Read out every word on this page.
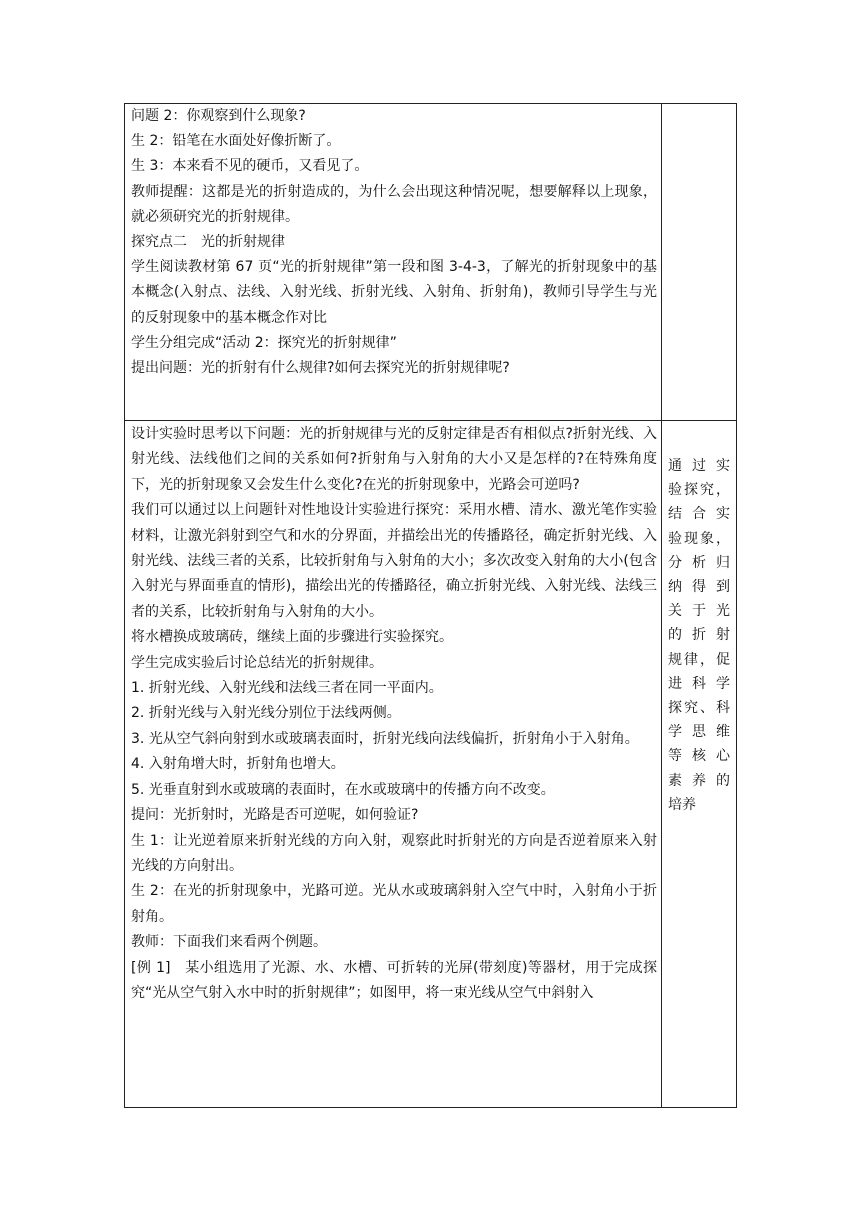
问题 2：你观察到什么现象?

生 2：铅笔在水面处好像折断了。

生 3：本来看不见的硬币，又看见了。

教师提醒：这都是光的折射造成的，为什么会出现这种情况呢，想要解释以上现象，就必须研究光的折射规律。

探究点二　光的折射规律

学生阅读教材第 67 页“光的折射规律”第一段和图 3-4-3，了解光的折射现象中的基本概念(入射点、法线、入射光线、折射光线、入射角、折射角)，教师引导学生与光的反射现象中的基本概念作对比

学生分组完成“活动 2：探究光的折射规律”

提出问题：光的折射有什么规律?如何去探究光的折射规律呢?

设计实验时思考以下问题：光的折射规律与光的反射定律是否有相似点?折射光线、入射光线、法线他们之间的关系如何?折射角与入射角的大小又是怎样的?在特殊角度下，光的折射现象又会发生什么变化?在光的折射现象中，光路会可逆吗?

我们可以通过以上问题针对性地设计实验进行探究：采用水槽、清水、激光笔作实验材料，让激光斜射到空气和水的分界面，并描绘出光的传播路径，确定折射光线、入射光线、法线三者的关系，比较折射角与入射角的大小；多次改变入射角的大小(包含入射光与界面垂直的情形)，描绘出光的传播路径，确立折射光线、入射光线、法线三者的关系，比较折射角与入射角的大小。

将水槽换成玻璃砖，继续上面的步骤进行实验探究。

学生完成实验后讨论总结光的折射规律。

1. 折射光线、入射光线和法线三者在同一平面内。

2. 折射光线与入射光线分别位于法线两侧。

3. 光从空气斜向射到水或玻璃表面时，折射光线向法线偏折，折射角小于入射角。

4. 入射角增大时，折射角也增大。

5. 光垂直射到水或玻璃的表面时，在水或玻璃中的传播方向不改变。

提问：光折射时，光路是否可逆呢，如何验证?

生 1：让光逆着原来折射光线的方向入射，观察此时折射光的方向是否逆着原来入射光线的方向射出。

生 2：在光的折射现象中，光路可逆。光从水或玻璃斜射入空气中时，入射角小于折射角。

教师：下面我们来看两个例题。

[例 1]　某小组选用了光源、水、水槽、可折转的光屏(带刻度)等器材，用于完成探究“光从空气射入水中时的折射规律”；如图甲，将一束光线从空气中斜射入

通过实

验探究，

结合实

验现象，

分析归

纳得到

关于光

的折射

规律，促

进科学

探究、科

学思维

等核心

素养的

培养
